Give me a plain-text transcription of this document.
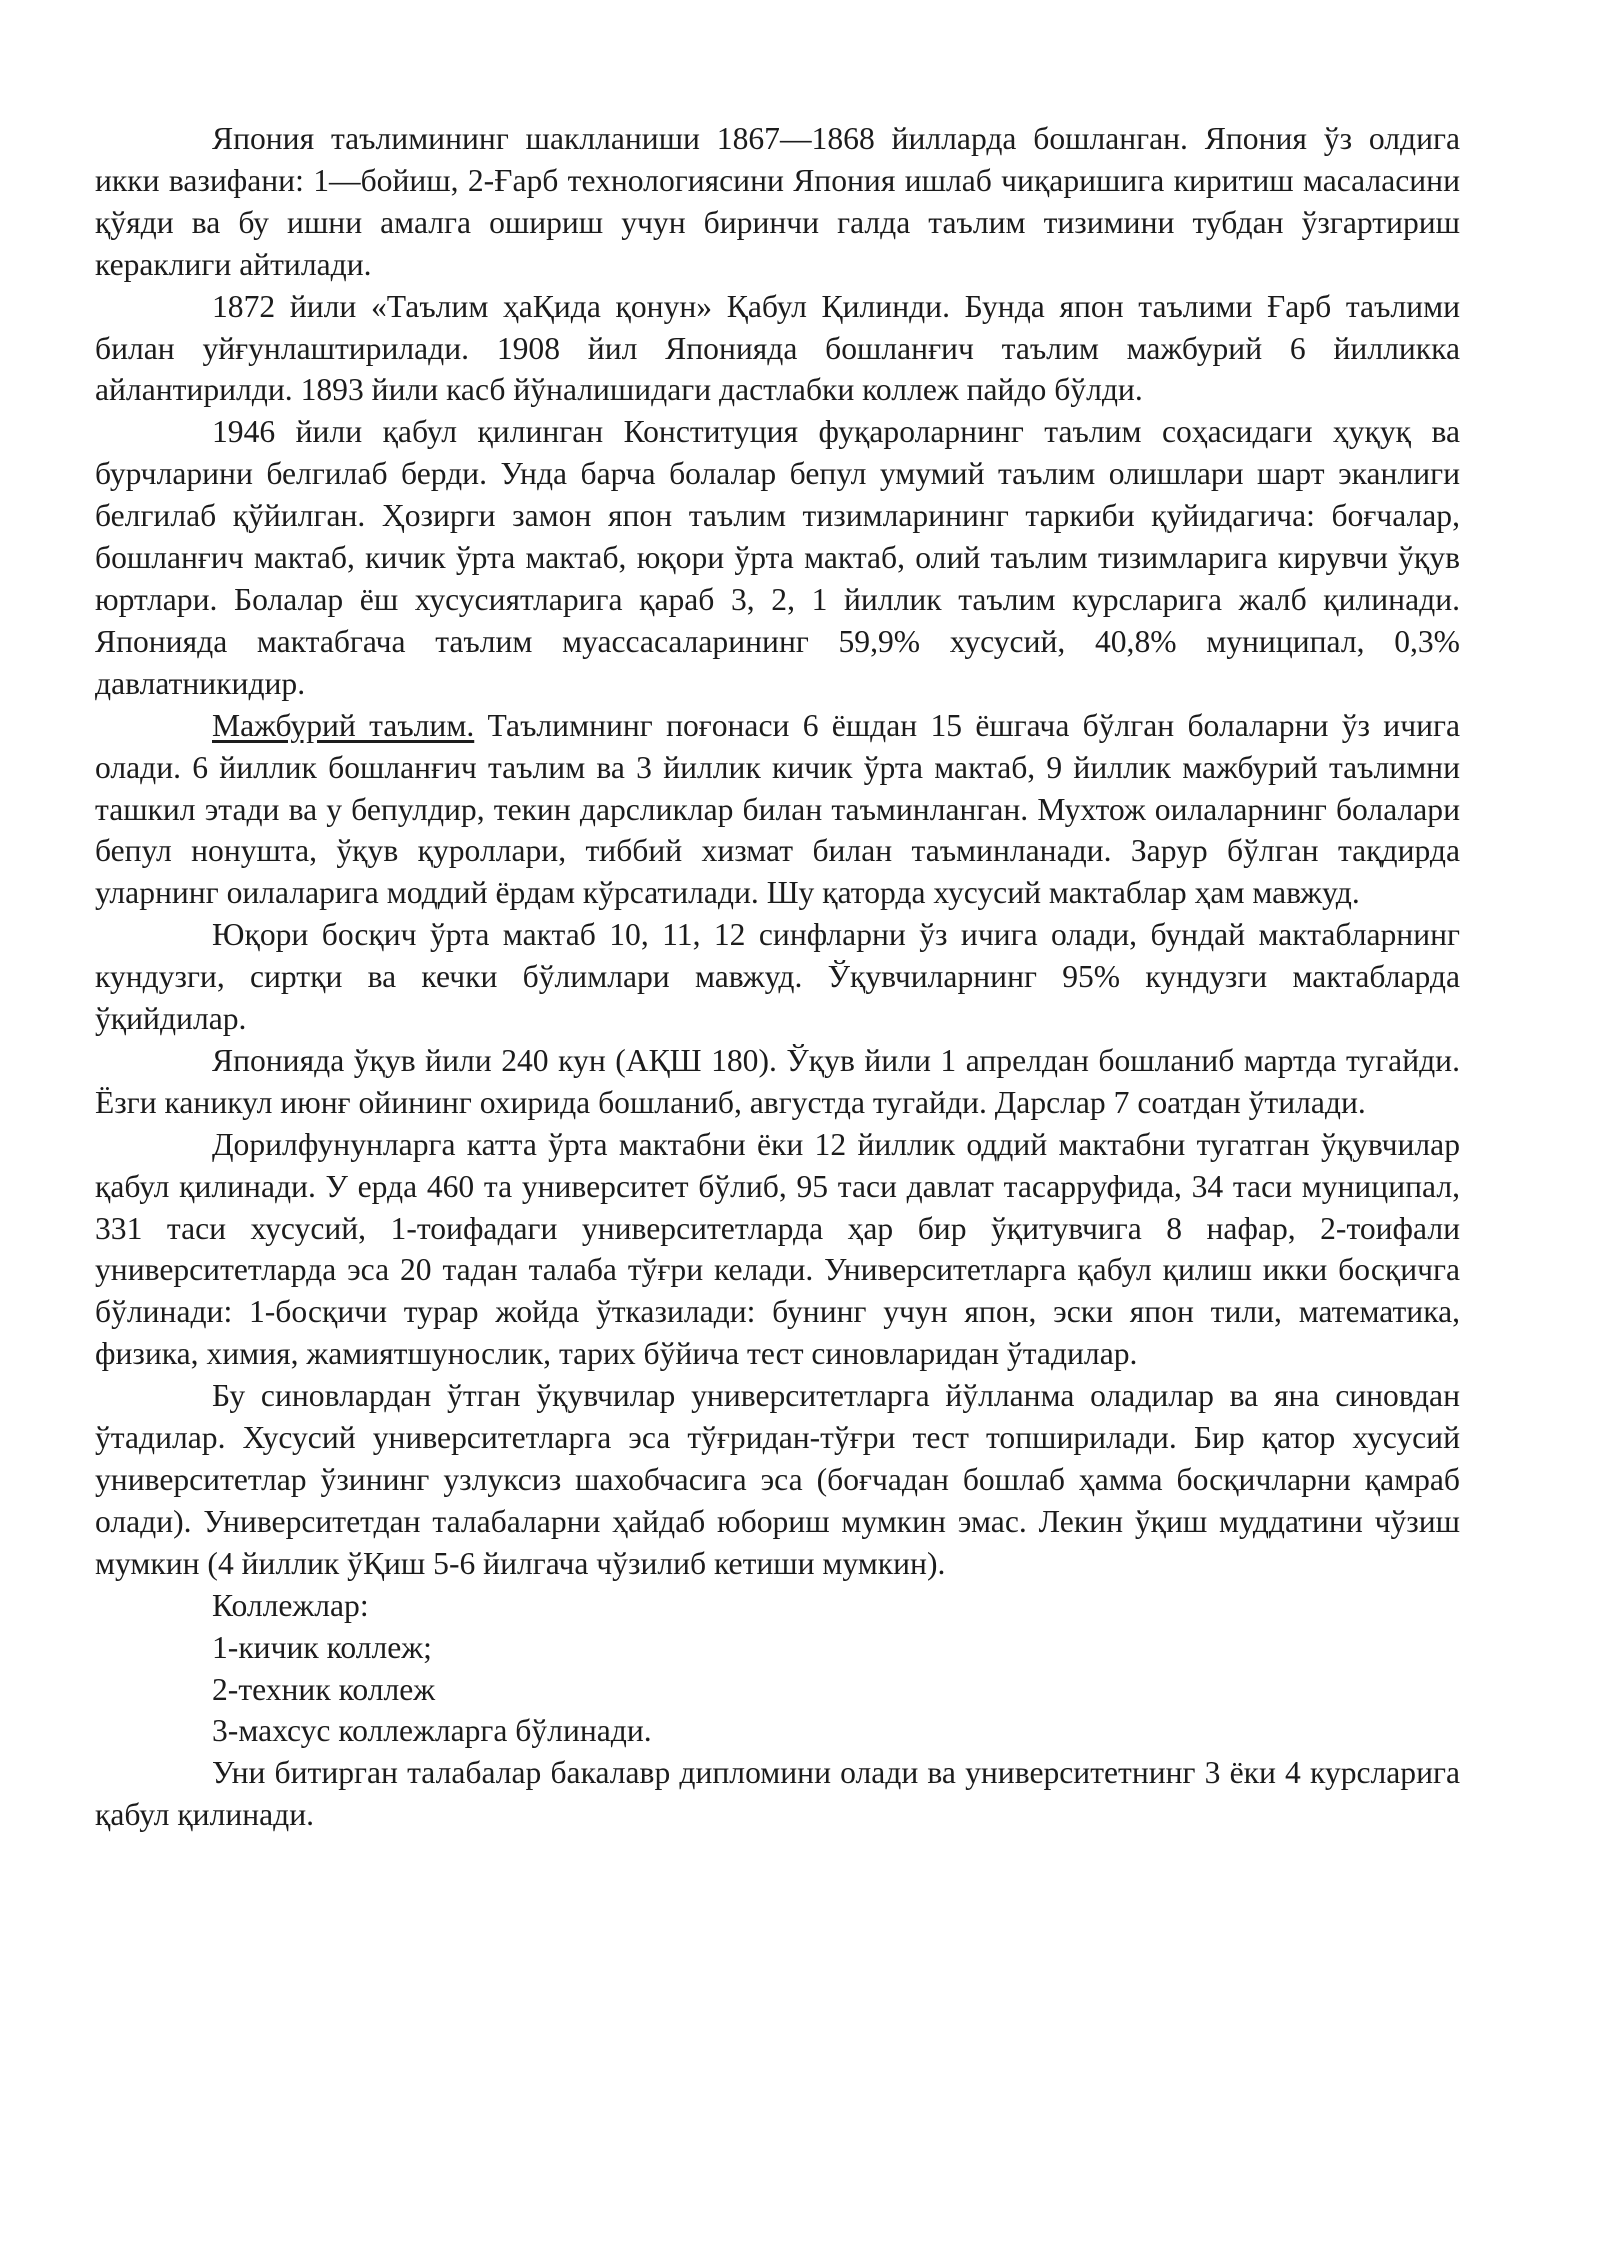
Япония таълимининг шаклланиши 1867—1868 йилларда бошланган. Япония ўз олдига икки вазифани: 1—бойиш, 2-Ғарб технологиясини Япония ишлаб чиқаришига киритиш масаласини қўяди ва бу ишни амалга ошириш учун биринчи галда таълим тизимини тубдан ўзгартириш кераклиги айтилади.

1872 йили «Таълим ҳаҚида қонун» Қабул Қилинди. Бунда япон таълими Ғарб таълими билан уйғунлаштирилади. 1908 йил Японияда бошланғич таълим мажбурий 6 йилликка айлантирилди. 1893 йили касб йўналишидаги дастлабки коллеж пайдо бўлди.

1946 йили қабул қилинган Конституция фуқароларнинг таълим соҳасидаги ҳуқуқ ва бурчларини белгилаб берди. Унда барча болалар бепул умумий таълим олишлари шарт эканлиги белгилаб қўйилган. Ҳозирги замон япон таълим тизимларининг таркиби қуйидагича: боғчалар, бошланғич мактаб, кичик ўрта мактаб, юқори ўрта мактаб, олий таълим тизимларига кирувчи ўқув юртлари. Болалар ёш хусусиятларига қараб 3, 2, 1 йиллик таълим курсларига жалб қилинади. Японияда мактабгача таълим муассасаларининг 59,9% хусусий, 40,8% муниципал, 0,3% давлатникидир.

Мажбурий таълим. Таълимнинг поғонаси 6 ёшдан 15 ёшгача бўлган болаларни ўз ичига олади. 6 йиллик бошланғич таълим ва 3 йиллик кичик ўрта мактаб, 9 йиллик мажбурий таълимни ташкил этади ва у бепулдир, текин дарсликлар билан таъминланган. Мухтож оилаларнинг болалари бепул нонушта, ўқув қуроллари, тиббий хизмат билан таъминланади. Зарур бўлган тақдирда уларнинг оилаларига моддий ёрдам кўрсатилади. Шу қаторда хусусий мактаблар ҳам мавжуд.

Юқори босқич ўрта мактаб 10, 11, 12 синфларни ўз ичига олади, бундай мактабларнинг кундузги, сиртқи ва кечки бўлимлари мавжуд. Ўқувчиларнинг 95% кундузги мактабларда ўқийдилар.

Японияда ўқув йили 240 кун (АҚШ 180). Ўқув йили 1 апрелдан бошланиб мартда тугайди. Ёзги каникул июнғ ойининг охирида бошланиб, августда тугайди. Дарслар 7 соатдан ўтилади.

Дорилфунунларга катта ўрта мактабни ёки 12 йиллик оддий мактабни тугатган ўқувчилар қабул қилинади. У ерда 460 та университет бўлиб, 95 таси давлат тасарруфида, 34 таси муниципал, 331 таси хусусий, 1-тоифадаги университетларда ҳар бир ўқитувчига 8 нафар, 2-тоифали университетларда эса 20 тадан талаба тўғри келади. Университетларга қабул қилиш икки босқичга бўлинади: 1-босқичи турар жойда ўтказилади: бунинг учун япон, эски япон тили, математика, физика, химия, жамиятшунослик, тарих бўйича тест синовларидан ўтадилар.

Бу синовлардан ўтган ўқувчилар университетларга йўлланма оладилар ва яна синовдан ўтадилар. Хусусий университетларга эса тўғридан-тўғри тест топширилади. Бир қатор хусусий университетлар ўзининг узлуксиз шахобчасига эса (боғчадан бошлаб ҳамма босқичларни қамраб олади). Университетдан талабаларни ҳайдаб юбориш мумкин эмас. Лекин ўқиш муддатини чўзиш мумкин (4 йиллик ўҚиш 5-6 йилгача чўзилиб кетиши мумкин).

Коллежлар:

1-кичик коллеж;

2-техник коллеж

3-махсус коллежларга бўлинади.

Уни битирган талабалар бакалавр дипломини олади ва университетнинг 3 ёки 4 курсларига қабул қилинади.
